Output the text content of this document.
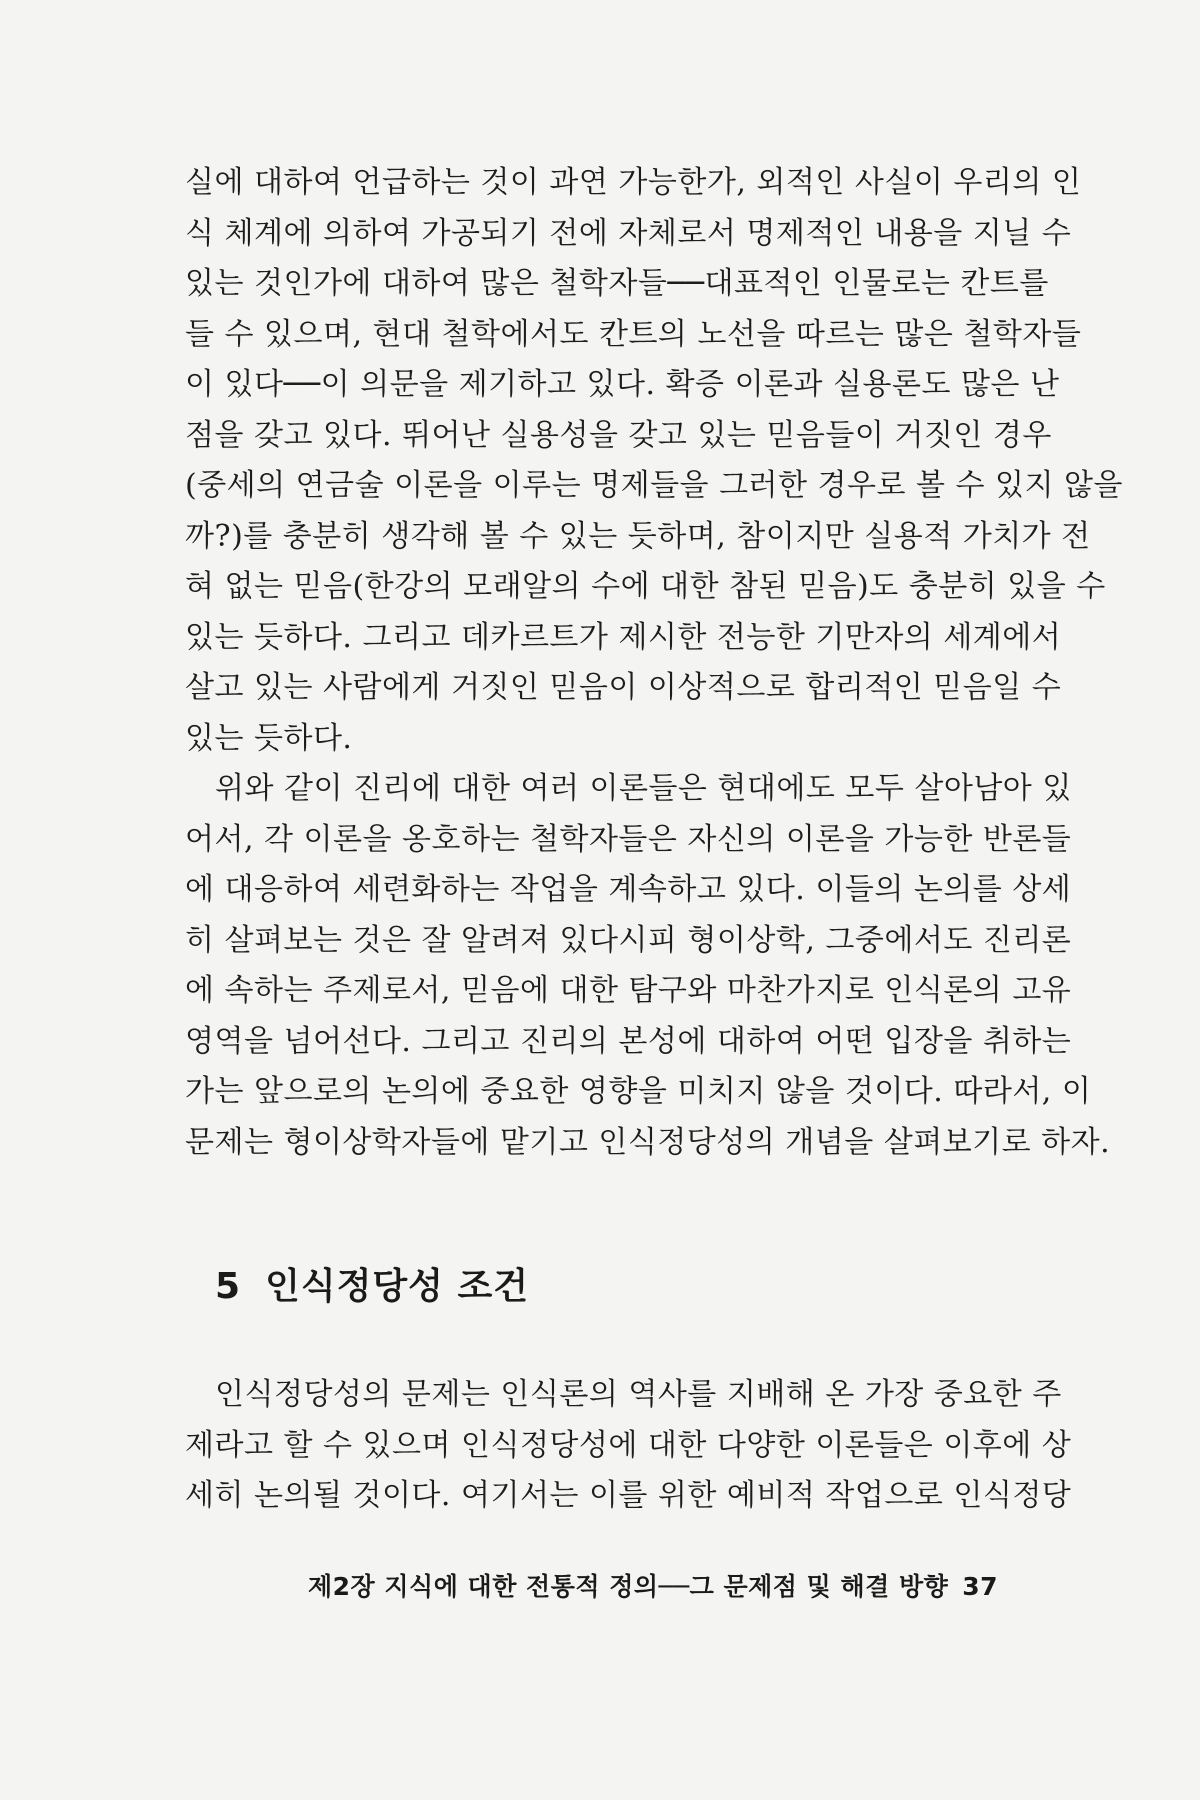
실에 대하여 언급하는 것이 과연 가능한가, 외적인 사실이 우리의 인
식 체계에 의하여 가공되기 전에 자체로서 명제적인 내용을 지닐 수
있는 것인가에 대하여 많은 철학자들──대표적인 인물로는 칸트를
들 수 있으며, 현대 철학에서도 칸트의 노선을 따르는 많은 철학자들
이 있다──이 의문을 제기하고 있다. 확증 이론과 실용론도 많은 난
점을 갖고 있다. 뛰어난 실용성을 갖고 있는 믿음들이 거짓인 경우
(중세의 연금술 이론을 이루는 명제들을 그러한 경우로 볼 수 있지 않을
까?)를 충분히 생각해 볼 수 있는 듯하며, 참이지만 실용적 가치가 전
혀 없는 믿음(한강의 모래알의 수에 대한 참된 믿음)도 충분히 있을 수
있는 듯하다. 그리고 데카르트가 제시한 전능한 기만자의 세계에서
살고 있는 사람에게 거짓인 믿음이 이상적으로 합리적인 믿음일 수
있는 듯하다.

위와 같이 진리에 대한 여러 이론들은 현대에도 모두 살아남아 있
어서, 각 이론을 옹호하는 철학자들은 자신의 이론을 가능한 반론들
에 대응하여 세련화하는 작업을 계속하고 있다. 이들의 논의를 상세
히 살펴보는 것은 잘 알려져 있다시피 형이상학, 그중에서도 진리론
에 속하는 주제로서, 믿음에 대한 탐구와 마찬가지로 인식론의 고유
영역을 넘어선다. 그리고 진리의 본성에 대하여 어떤 입장을 취하는
가는 앞으로의 논의에 중요한 영향을 미치지 않을 것이다. 따라서, 이
문제는 형이상학자들에 맡기고 인식정당성의 개념을 살펴보기로 하자.

5 인식정당성 조건

인식정당성의 문제는 인식론의 역사를 지배해 온 가장 중요한 주
제라고 할 수 있으며 인식정당성에 대한 다양한 이론들은 이후에 상
세히 논의될 것이다. 여기서는 이를 위한 예비적 작업으로 인식정당

제2장 지식에 대한 전통적 정의──그 문제점 및 해결 방향 37
